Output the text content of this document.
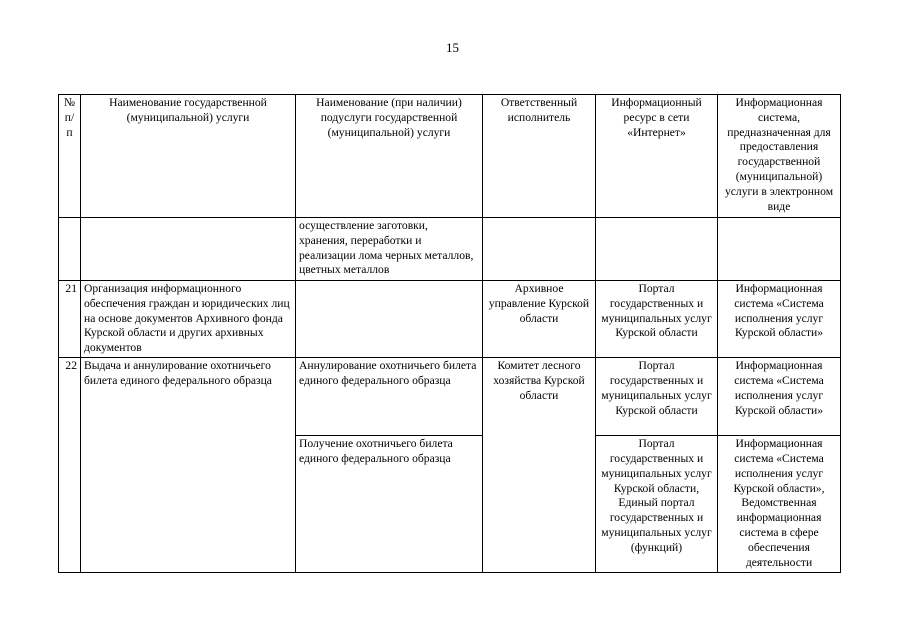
15
№ п/п	Наименование государственной (муниципальной) услуги	Наименование (при наличии) подуслуги государственной (муниципальной) услуги	Ответственный исполнитель	Информационный ресурс в сети «Интернет»	Информационная система, предназначенная для предоставления государственной (муниципальной) услуги в электронном виде
		осуществление заготовки, хранения, переработки и реализации лома черных металлов, цветных металлов			
21	Организация информационного обеспечения граждан и юридических лиц на основе документов Архивного фонда Курской области и других архивных документов		Архивное управление Курской области	Портал государственных и муниципальных услуг Курской области	Информационная система «Система исполнения услуг Курской области»
22	Выдача и аннулирование охотничьего билета единого федерального образца	Аннулирование охотничьего билета единого федерального образца	Комитет лесного хозяйства Курской области	Портал государственных и муниципальных услуг Курской области	Информационная система «Система исполнения услуг Курской области»
		Получение охотничьего билета единого федерального образца		Портал государственных и муниципальных услуг Курской области, Единый портал государственных и муниципальных услуг (функций)	Информационная система «Система исполнения услуг Курской области», Ведомственная информационная система в сфере обеспечения деятельности
